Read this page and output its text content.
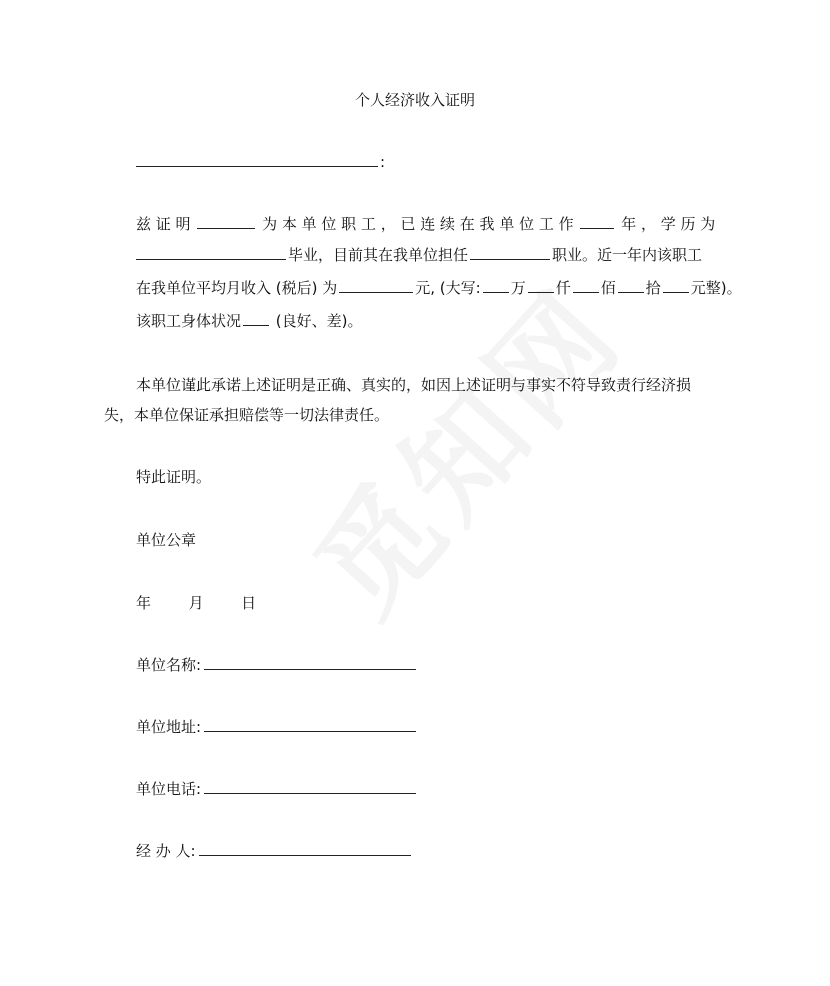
个人经济收入证明
:
兹 证 明	为 本 单 位 职 工 ， 已 连 续 在 我 单 位 工 作	年 ， 学 历 为
毕业，目前其在我单位担任	职业。近一年内该职工
在我单位平均月收入 (税后) 为	元, (大写: 万 仟 佰 拾 元整)。
该职工身体状况 (良好、差)。
本单位谨此承诺上述证明是正确、真实的，如因上述证明与事实不符导致责行经济损
失，本单位保证承担赔偿等一切法律责任。
特此证明。
单位公章
年	月	日
单位名称:
单位地址:
单位电话:
经 办 人:
